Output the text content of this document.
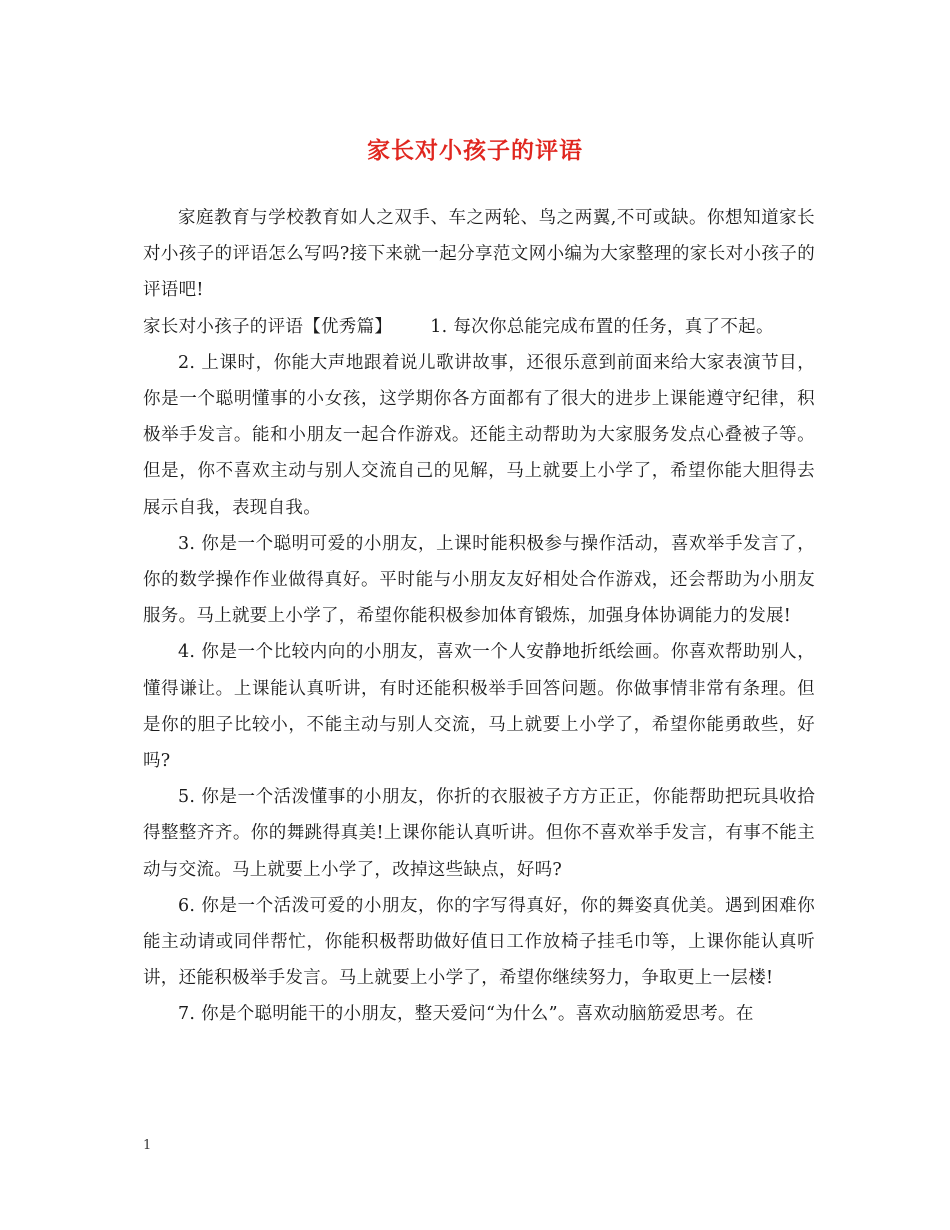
家长对小孩子的评语

家庭教育与学校教育如人之双手、车之两轮、鸟之两翼,不可或缺。你想知道家长对小孩子的评语怎么写吗?接下来就一起分享范文网小编为大家整理的家长对小孩子的评语吧!

家长对小孩子的评语【优秀篇】 1. 每次你总能完成布置的任务，真了不起。

2. 上课时，你能大声地跟着说儿歌讲故事，还很乐意到前面来给大家表演节目，你是一个聪明懂事的小女孩，这学期你各方面都有了很大的进步上课能遵守纪律，积极举手发言。能和小朋友一起合作游戏。还能主动帮助为大家服务发点心叠被子等。但是，你不喜欢主动与别人交流自己的见解，马上就要上小学了，希望你能大胆得去展示自我，表现自我。

3. 你是一个聪明可爱的小朋友，上课时能积极参与操作活动，喜欢举手发言了，你的数学操作作业做得真好。平时能与小朋友友好相处合作游戏，还会帮助为小朋友服务。马上就要上小学了，希望你能积极参加体育锻炼，加强身体协调能力的发展!

4. 你是一个比较内向的小朋友，喜欢一个人安静地折纸绘画。你喜欢帮助别人，懂得谦让。上课能认真听讲，有时还能积极举手回答问题。你做事情非常有条理。但是你的胆子比较小，不能主动与别人交流，马上就要上小学了，希望你能勇敢些，好吗?

5. 你是一个活泼懂事的小朋友，你折的衣服被子方方正正，你能帮助把玩具收拾得整整齐齐。你的舞跳得真美!上课你能认真听讲。但你不喜欢举手发言，有事不能主动与交流。马上就要上小学了，改掉这些缺点，好吗?

6. 你是一个活泼可爱的小朋友，你的字写得真好，你的舞姿真优美。遇到困难你能主动请或同伴帮忙，你能积极帮助做好值日工作放椅子挂毛巾等，上课你能认真听讲，还能积极举手发言。马上就要上小学了，希望你继续努力，争取更上一层楼!

7. 你是个聪明能干的小朋友，整天爱问“为什么”。喜欢动脑筋爱思考。在

1
